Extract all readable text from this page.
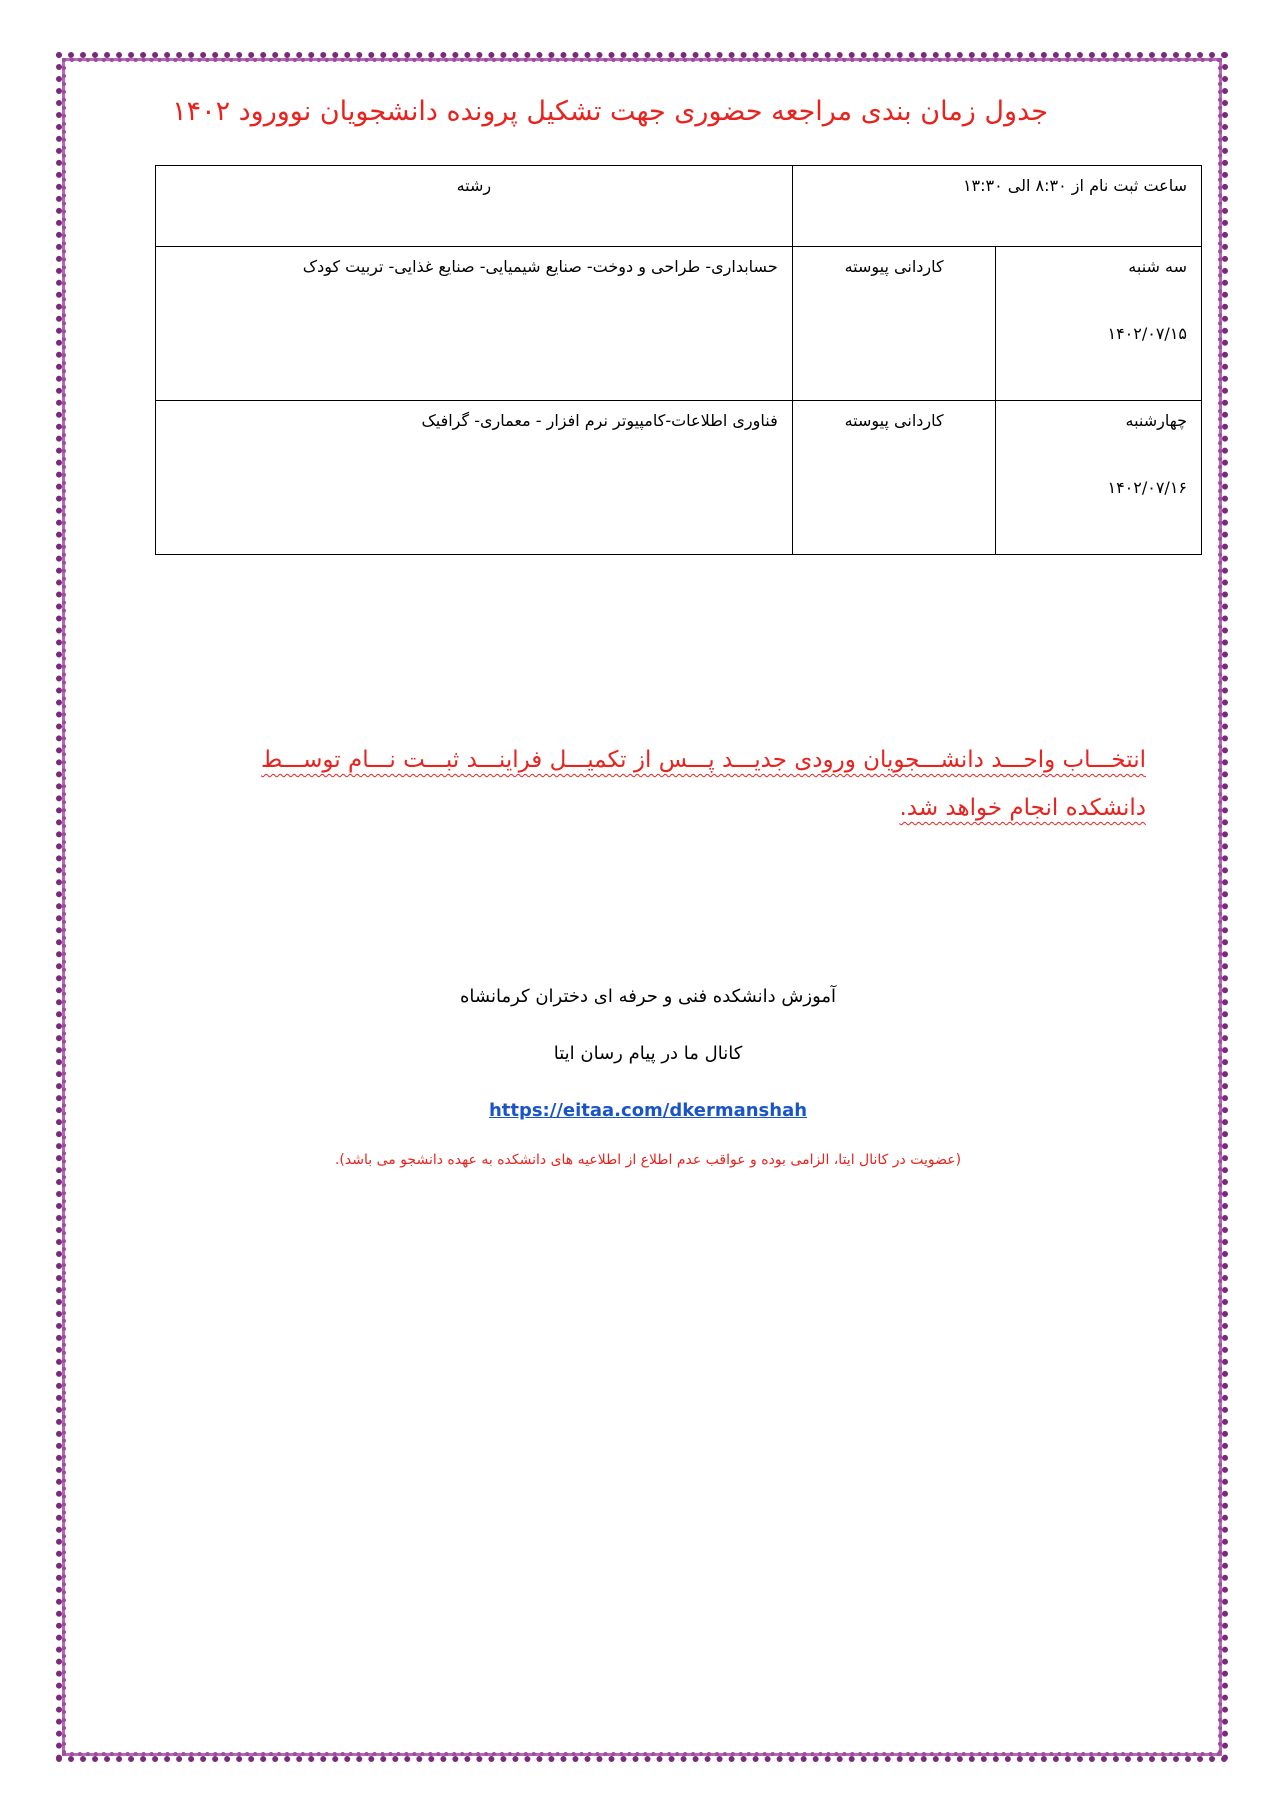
جدول زمان بندی مراجعه حضوری جهت تشکیل پرونده دانشجویان نوورود ۱۴۰۲
ساعت ثبت نام از ۸:۳۰ الی ۱۳:۳۰		رشته

سه شنبه
۱۴۰۲/۰۷/۱۵	کاردانی پیوسته	حسابداری- طراحی و دوخت- صنایع شیمیایی- صنایع غذایی- تربیت کودک

چهارشنبه
۱۴۰۲/۰۷/۱۶	کاردانی پیوسته	فناوری اطلاعات-کامپیوتر نرم افزار - معماری- گرافیک
انتخـــاب واحـــد دانشـــجویان ورودی جدیـــد پـــس از تکمیـــل فراینـــد ثبـــت نـــام توســـط
دانشکده انجام خواهد شد.
آموزش دانشکده فنی و حرفه ای دختران کرمانشاه
کانال ما در پیام رسان ایتا
https://eitaa.com/dkermanshah
(عضویت در کانال ایتا، الزامی بوده و عواقب عدم اطلاع از اطلاعیه های دانشکده به عهده دانشجو می باشد).
